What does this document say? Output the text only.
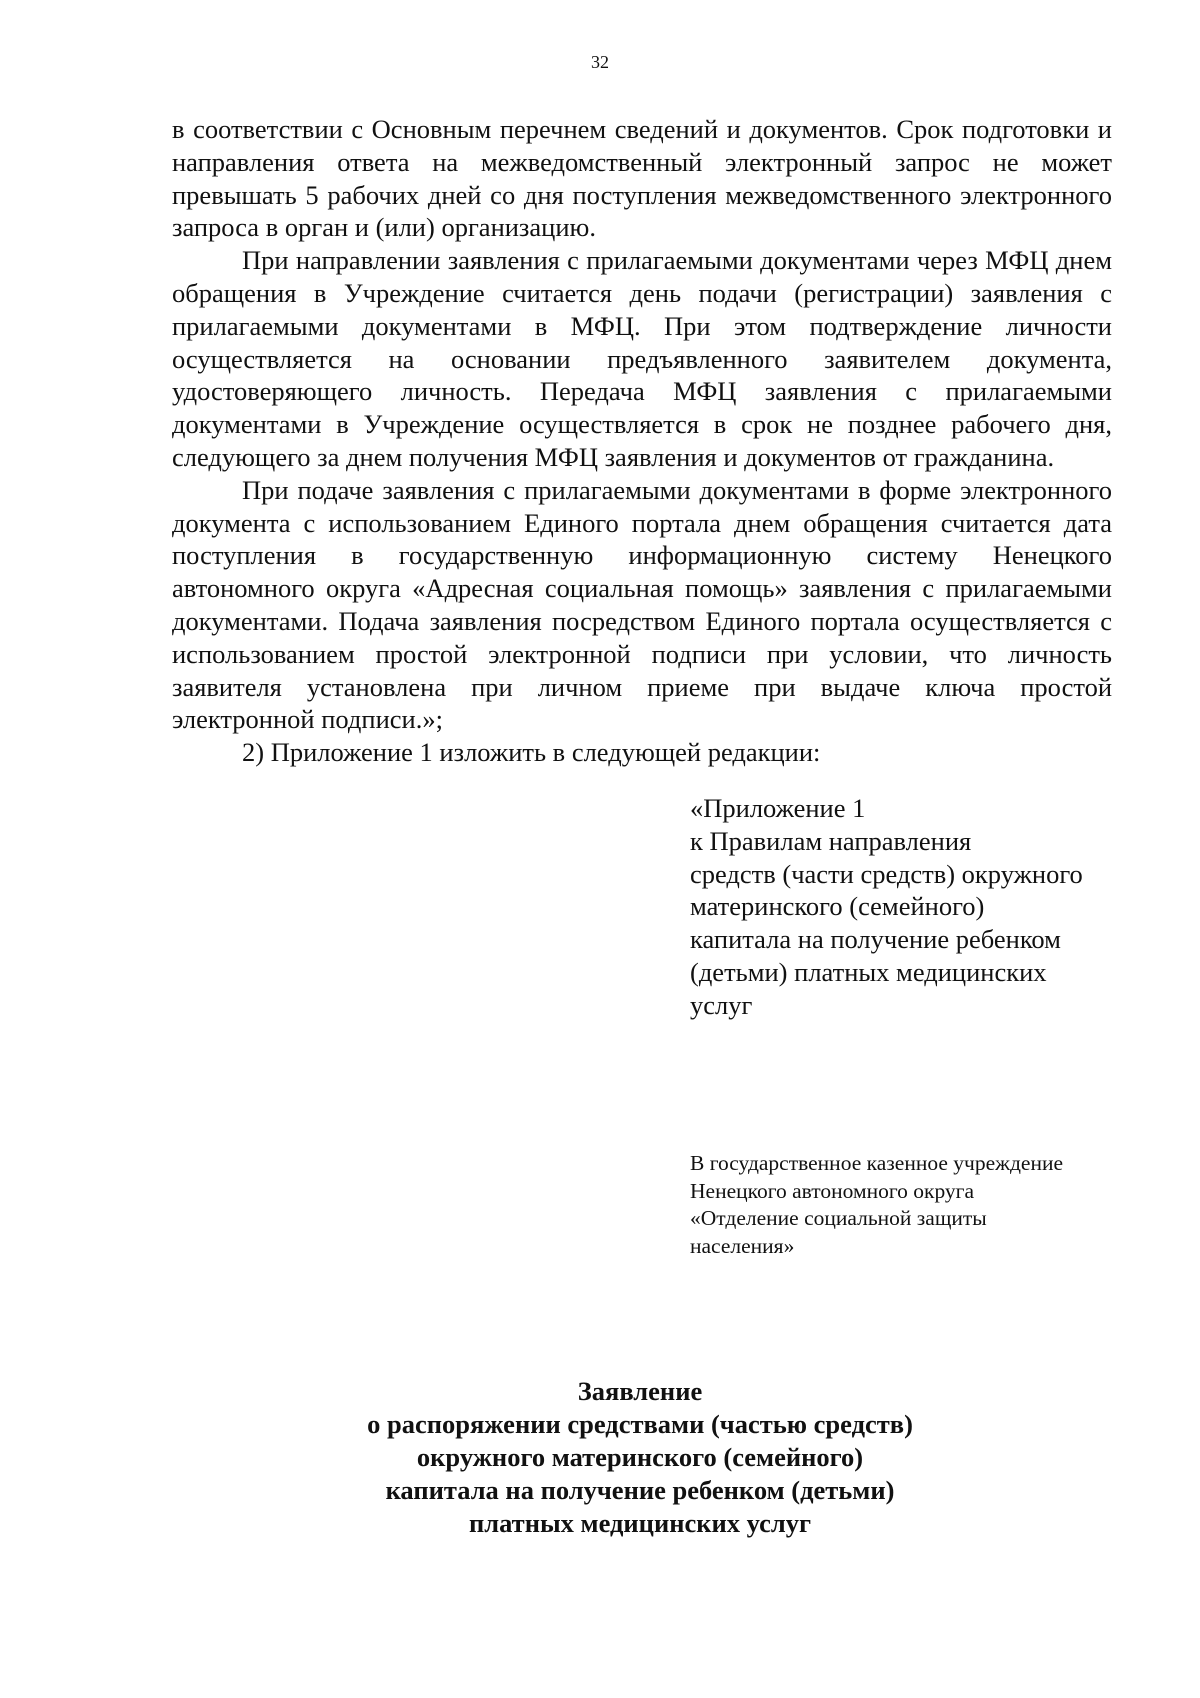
32

в соответствии с Основным перечнем сведений и документов. Срок подготовки и направления ответа на межведомственный электронный запрос не может превышать 5 рабочих дней со дня поступления межведомственного электронного запроса в орган и (или) организацию.

При направлении заявления с прилагаемыми документами через МФЦ днем обращения в Учреждение считается день подачи (регистрации) заявления с прилагаемыми документами в МФЦ. При этом подтверждение личности осуществляется на основании предъявленного заявителем документа, удостоверяющего личность. Передача МФЦ заявления с прилагаемыми документами в Учреждение осуществляется в срок не позднее рабочего дня, следующего за днем получения МФЦ заявления и документов от гражданина.

При подаче заявления с прилагаемыми документами в форме электронного документа с использованием Единого портала днем обращения считается дата поступления в государственную информационную систему Ненецкого автономного округа «Адресная социальная помощь» заявления с прилагаемыми документами. Подача заявления посредством Единого портала осуществляется с использованием простой электронной подписи при условии, что личность заявителя установлена при личном приеме при выдаче ключа простой электронной подписи.»;

2) Приложение 1 изложить в следующей редакции:

«Приложение 1
к Правилам направления
средств (части средств) окружного
материнского (семейного)
капитала на получение ребенком
(детьми) платных медицинских
услуг
В государственное казенное учреждение
Ненецкого автономного округа
«Отделение социальной защиты
населения»
Заявление
о распоряжении средствами (частью средств)
окружного материнского (семейного)
капитала на получение ребенком (детьми)
платных медицинских услуг
